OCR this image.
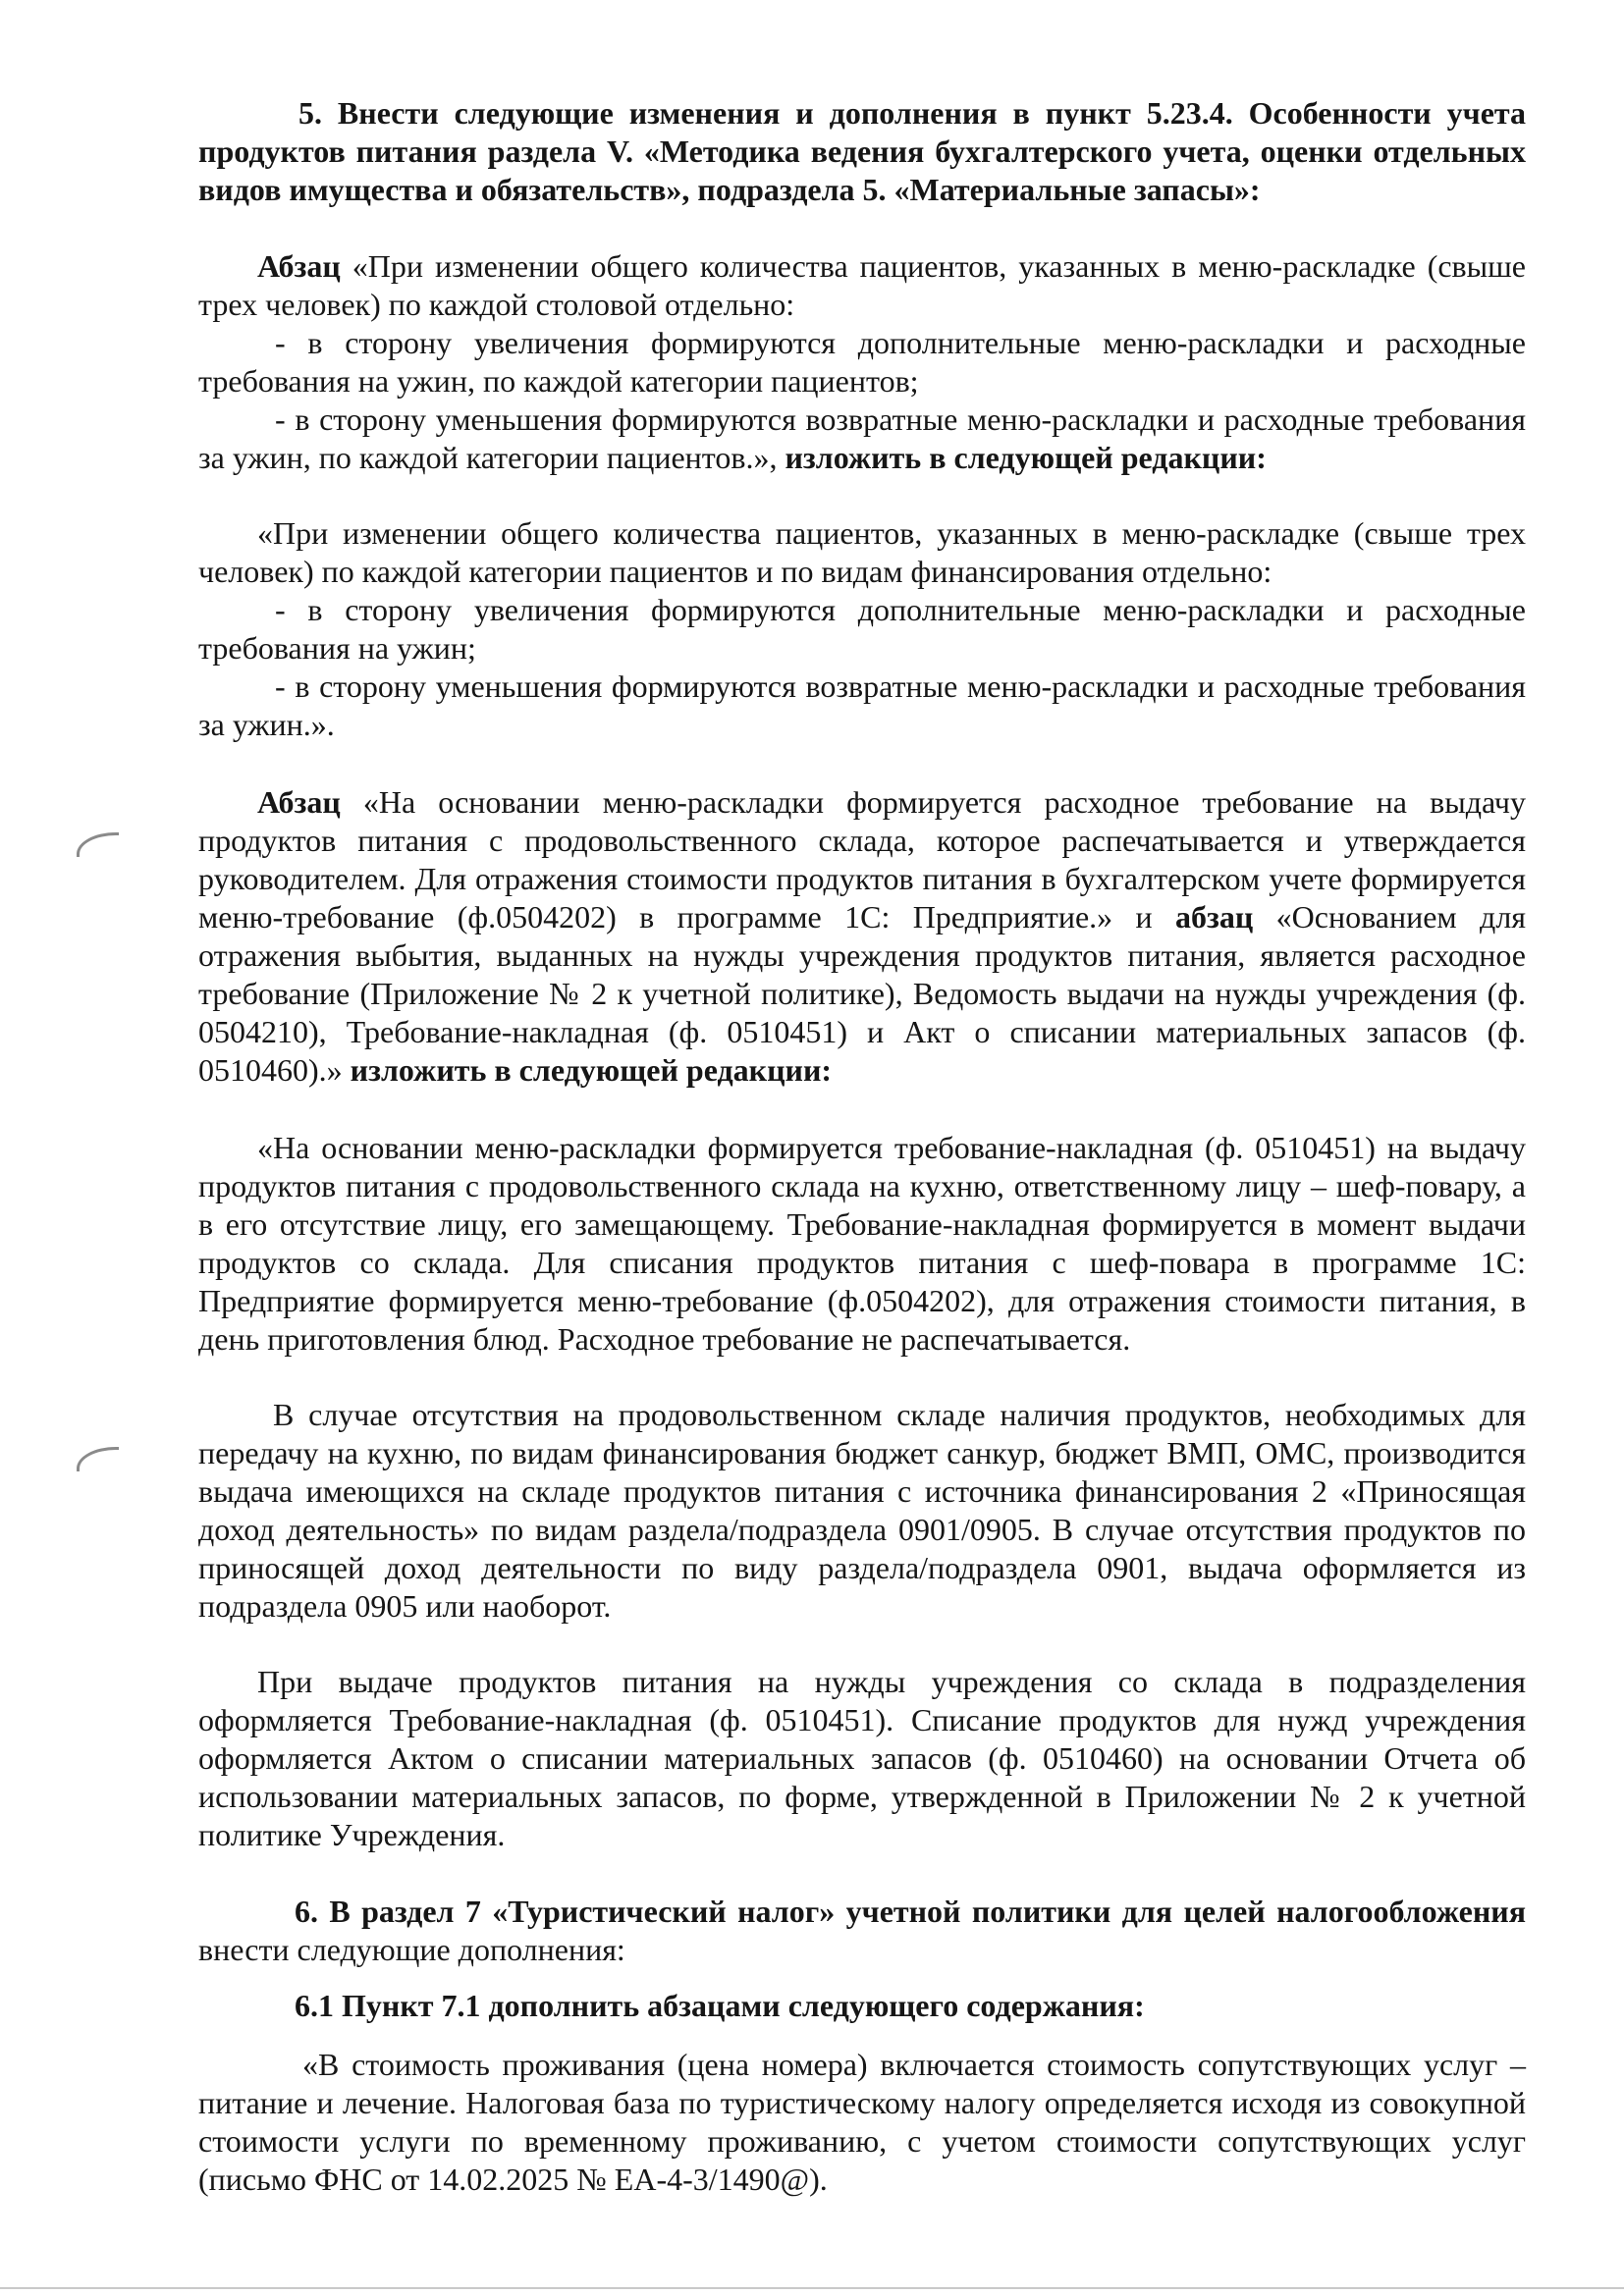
5. Внести следующие изменения и дополнения в пункт 5.23.4. Особенности учета продуктов питания раздела V. «Методика ведения бухгалтерского учета, оценки отдельных видов имущества и обязательств», подраздела 5. «Материальные запасы»:

Абзац «При изменении общего количества пациентов, указанных в меню-раскладке (свыше трех человек) по каждой столовой отдельно:

- в сторону увеличения формируются дополнительные меню-раскладки и расходные требования на ужин, по каждой категории пациентов;

- в сторону уменьшения формируются возвратные меню-раскладки и расходные требования за ужин, по каждой категории пациентов.», изложить в следующей редакции:

«При изменении общего количества пациентов, указанных в меню-раскладке (свыше трех человек) по каждой категории пациентов и по видам финансирования отдельно:

- в сторону увеличения формируются дополнительные меню-раскладки и расходные требования на ужин;

- в сторону уменьшения формируются возвратные меню-раскладки и расходные требования за ужин.».

Абзац «На основании меню-раскладки формируется расходное требование на выдачу продуктов питания с продовольственного склада, которое распечатывается и утверждается руководителем. Для отражения стоимости продуктов питания в бухгалтерском учете формируется меню-требование (ф.0504202) в программе 1С: Предприятие.» и абзац «Основанием для отражения выбытия, выданных на нужды учреждения продуктов питания, является расходное требование (Приложение № 2 к учетной политике), Ведомость выдачи на нужды учреждения (ф. 0504210), Требование-накладная (ф. 0510451) и Акт о списании материальных запасов (ф. 0510460).» изложить в следующей редакции:

«На основании меню-раскладки формируется требование-накладная (ф. 0510451) на выдачу продуктов питания с продовольственного склада на кухню, ответственному лицу – шеф-повару, а в его отсутствие лицу, его замещающему. Требование-накладная формируется в момент выдачи продуктов со склада. Для списания продуктов питания с шеф-повара в программе 1С: Предприятие формируется меню-требование (ф.0504202), для отражения стоимости питания, в день приготовления блюд. Расходное требование не распечатывается.

В случае отсутствия на продовольственном складе наличия продуктов, необходимых для передачу на кухню, по видам финансирования бюджет санкур, бюджет ВМП, ОМС, производится выдача имеющихся на складе продуктов питания с источника финансирования 2 «Приносящая доход деятельность» по видам раздела/подраздела 0901/0905. В случае отсутствия продуктов по приносящей доход деятельности по виду раздела/подраздела 0901, выдача оформляется из подраздела 0905 или наоборот.

При выдаче продуктов питания на нужды учреждения со склада в подразделения оформляется Требование-накладная (ф. 0510451). Списание продуктов для нужд учреждения оформляется Актом о списании материальных запасов (ф. 0510460) на основании Отчета об использовании материальных запасов, по форме, утвержденной в Приложении № 2 к учетной политике Учреждения.

6. В раздел 7 «Туристический налог» учетной политики для целей налогообложения внести следующие дополнения:

6.1 Пункт 7.1 дополнить абзацами следующего содержания:

«В стоимость проживания (цена номера) включается стоимость сопутствующих услуг – питание и лечение. Налоговая база по туристическому налогу определяется исходя из совокупной стоимости услуги по временному проживанию, с учетом стоимости сопутствующих услуг (письмо ФНС от 14.02.2025 № ЕА-4-3/1490@).
